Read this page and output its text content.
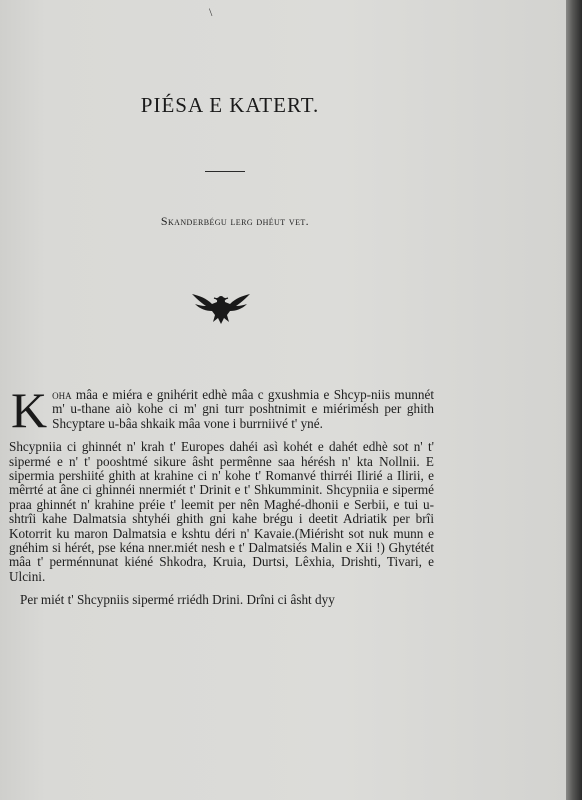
\
PIÉSA E KATERT.
Skanderbégu lerg dhéut vet.

Koha mâa e miéra e gnihérit edhè mâa c gxushmia e Shcyp-niis munnét m' u-thane aiò kohe ci m' gni turr poshtnimit e miérimésh per ghith Shcyptare u-bâa shkaik mâa vone i burrniivé t' yné.

Shcypniia ci ghinnét n' krah t' Europes dahéi asì kohét e dahét edhè sot n' t' sipermé e n' t' pooshtmé sikure âsht permênne saa hérésh n' kta Nollnii. E sipermia pershiité ghith at krahine ci n' kohe t' Romanvé thirréi Ilirié a Ilirii, e mêrrté at âne ci ghinnéi nnermiét t' Drinit e t' Shkumminit. Shcypniia e sipermé praa ghinnét n' krahine préie t' leemit per nên Maghé-dhonii e Serbii, e tui u-shtrîi kahe Dalmatsia shtyhéi ghith gni kahe brégu i deetit Adriatik per brîi Kotorrit ku maron Dalmatsia e kshtu déri n' Kavaie.(Miérisht sot nuk munn e gnéhim si hérét, pse kéna nner.miét nesh e t' Dalmatsiés Malin e Xii !) Ghytétét mâa t' perménnunat kiéné Shkodra, Kruia, Durtsi, Lêxhia, Drishti, Tivari, e Ulcini.

Per miét t' Shcypniis sipermé rriédh Drini. Drîni ci âsht dyy
